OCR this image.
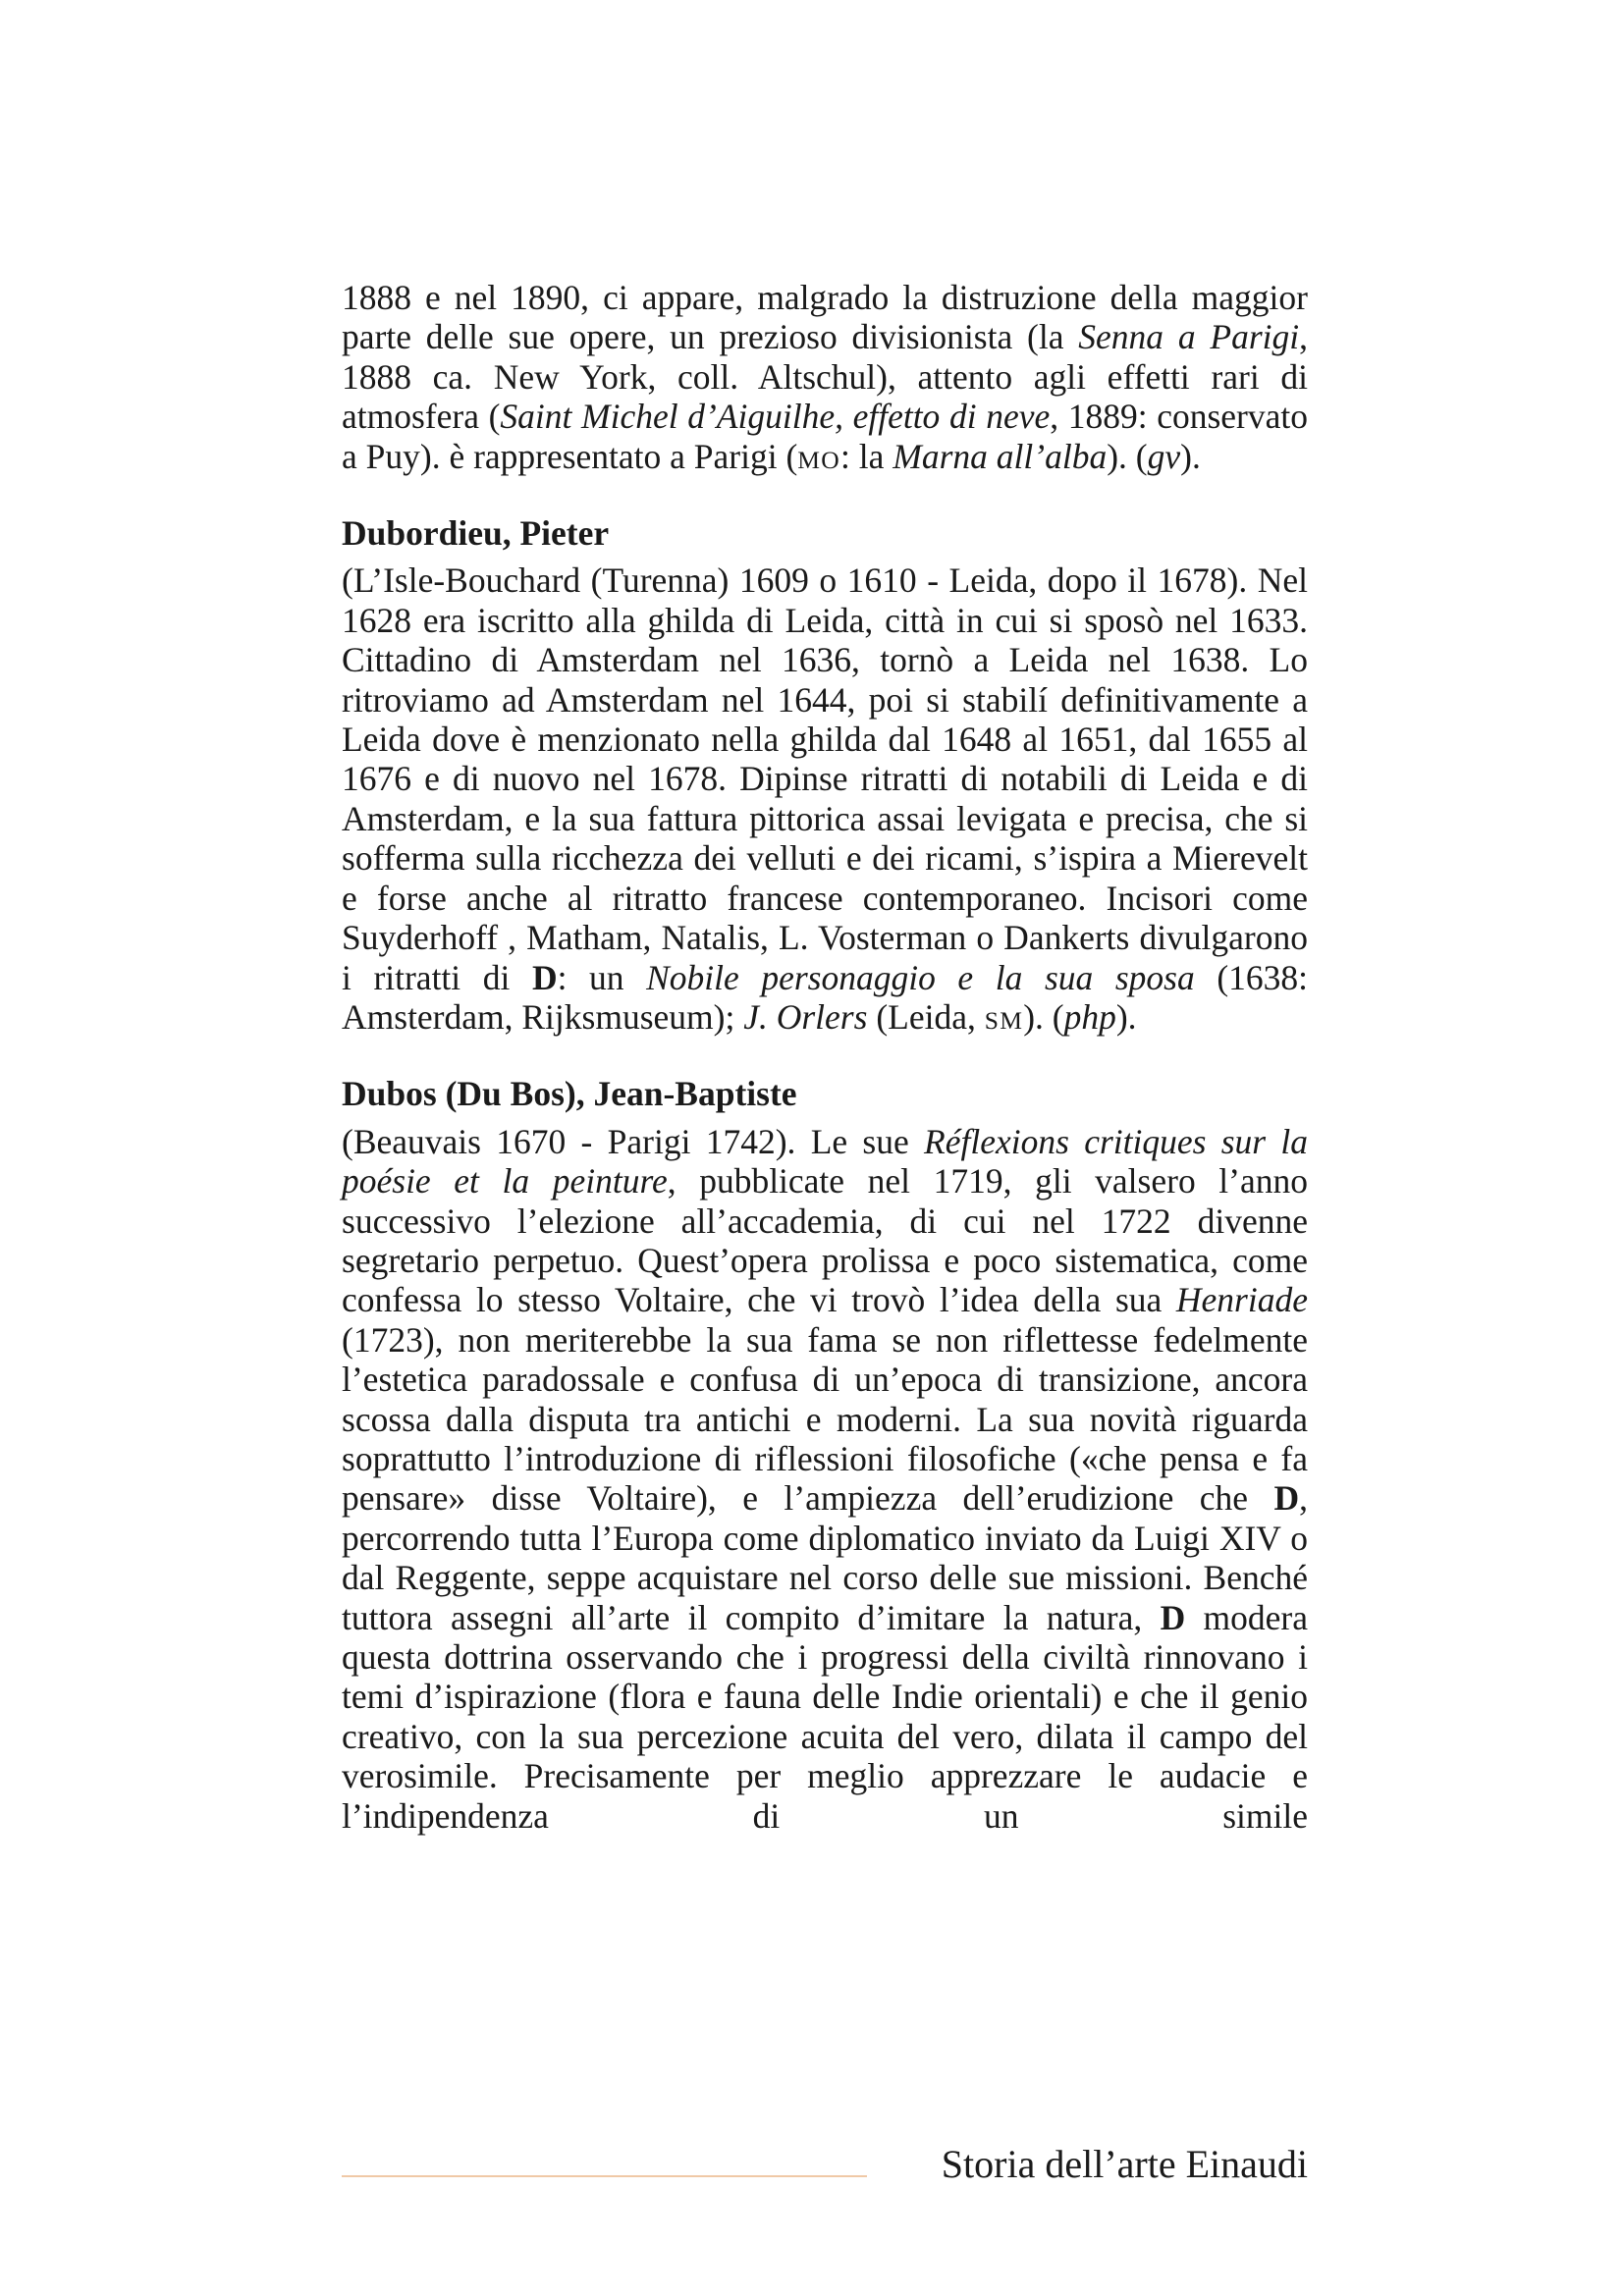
1888 e nel 1890, ci appare, malgrado la distruzione della maggior parte delle sue opere, un prezioso divisionista (la Senna a Parigi, 1888 ca. New York, coll. Altschul), attento agli effetti rari di atmosfera (Saint Michel d’Aiguilhe, effetto di neve, 1889: conservato a Puy). è rappresentato a Parigi (MO: la Marna all’alba). (gv).

Dubordieu, Pieter

(L’Isle-Bouchard (Turenna) 1609 o 1610 - Leida, dopo il 1678). Nel 1628 era iscritto alla ghilda di Leida, città in cui si sposò nel 1633. Cittadino di Amsterdam nel 1636, tornò a Leida nel 1638. Lo ritroviamo ad Amsterdam nel 1644, poi si stabilí definitivamente a Leida dove è menzionato nella ghilda dal 1648 al 1651, dal 1655 al 1676 e di nuovo nel 1678. Dipinse ritratti di notabili di Leida e di Amsterdam, e la sua fattura pittorica assai levigata e precisa, che si sofferma sulla ricchezza dei velluti e dei ricami, s’ispira a Mierevelt e forse anche al ritratto francese contemporaneo. Incisori come Suyderhoff , Matham, Natalis, L. Vosterman o Dankerts divulgarono i ritratti di D: un Nobile personaggio e la sua sposa (1638: Amsterdam, Rijksmuseum); J. Orlers (Leida, SM). (php).

Dubos (Du Bos), Jean-Baptiste

(Beauvais 1670 - Parigi 1742). Le sue Réflexions critiques sur la poésie et la peinture, pubblicate nel 1719, gli valsero l’anno successivo l’elezione all’accademia, di cui nel 1722 divenne segretario perpetuo. Quest’opera prolissa e poco sistematica, come confessa lo stesso Voltaire, che vi trovò l’idea della sua Henriade (1723), non meriterebbe la sua fama se non riflettesse fedelmente l’estetica paradossale e confusa di un’epoca di transizione, ancora scossa dalla disputa tra antichi e moderni. La sua novità riguarda soprattutto l’introduzione di riflessioni filosofiche («che pensa e fa pensare» disse Voltaire), e l’ampiezza dell’erudizione che D, percorrendo tutta l’Europa come diplomatico inviato da Luigi XIV o dal Reggente, seppe acquistare nel corso delle sue missioni. Benché tuttora assegni all’arte il compito d’imitare la natura, D modera questa dottrina osservando che i progressi della civiltà rinnovano i temi d’ispirazione (flora e fauna delle Indie orientali) e che il genio creativo, con la sua percezione acuita del vero, dilata il campo del verosimile. Precisamente per meglio apprezzare le audacie e l’indipendenza di un simile

Storia dell’arte Einaudi
